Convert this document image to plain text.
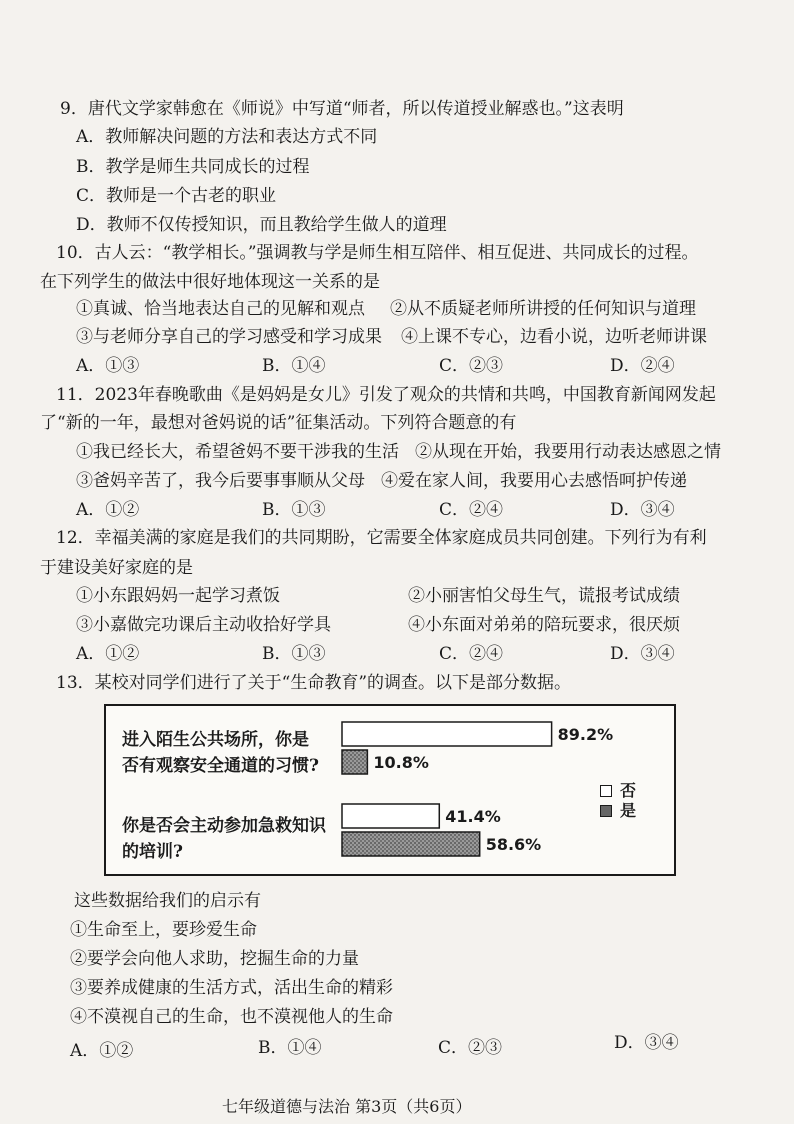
9．唐代文学家韩愈在《师说》中写道“师者，所以传道授业解惑也。”这表明
A．教师解决问题的方法和表达方式不同
B．教学是师生共同成长的过程
C．教师是一个古老的职业
D．教师不仅传授知识，而且教给学生做人的道理
10．古人云：“教学相长。”强调教与学是师生相互陪伴、相互促进、共同成长的过程。
在下列学生的做法中很好地体现这一关系的是
①真诚、恰当地表达自己的见解和观点 ②从不质疑老师所讲授的任何知识与道理
③与老师分享自己的学习感受和学习成果 ④上课不专心，边看小说，边听老师讲课
A．①③	B．①④	C．②③	D．②④
11．2023年春晚歌曲《是妈妈是女儿》引发了观众的共情和共鸣，中国教育新闻网发起
了“新的一年，最想对爸妈说的话”征集活动。下列符合题意的有
①我已经长大，希望爸妈不要干涉我的生活 ②从现在开始，我要用行动表达感恩之情
③爸妈辛苦了，我今后要事事顺从父母 ④爱在家人间，我要用心去感悟呵护传递
A．①②	B．①③	C．②④	D．③④
12．幸福美满的家庭是我们的共同期盼，它需要全体家庭成员共同创建。下列行为有利
于建设美好家庭的是
①小东跟妈妈一起学习煮饭	②小丽害怕父母生气，谎报考试成绩
③小嘉做完功课后主动收拾好学具	④小东面对弟弟的陪玩要求，很厌烦
A．①②	B．①③	C．②④	D．③④
13．某校对同学们进行了关于“生命教育”的调查。以下是部分数据。
进入陌生公共场所，你是
否有观察安全通道的习惯?
你是否会主动参加急救知识
的培训?
89.2%
10.8%
41.4%
58.6%
否
是
这些数据给我们的启示有
①生命至上，要珍爱生命
②要学会向他人求助，挖掘生命的力量
③要养成健康的生活方式，活出生命的精彩
④不漠视自己的生命，也不漠视他人的生命
A．①②	B．①④	C．②③	D．③④
七年级道德与法治 第3页（共6页）
